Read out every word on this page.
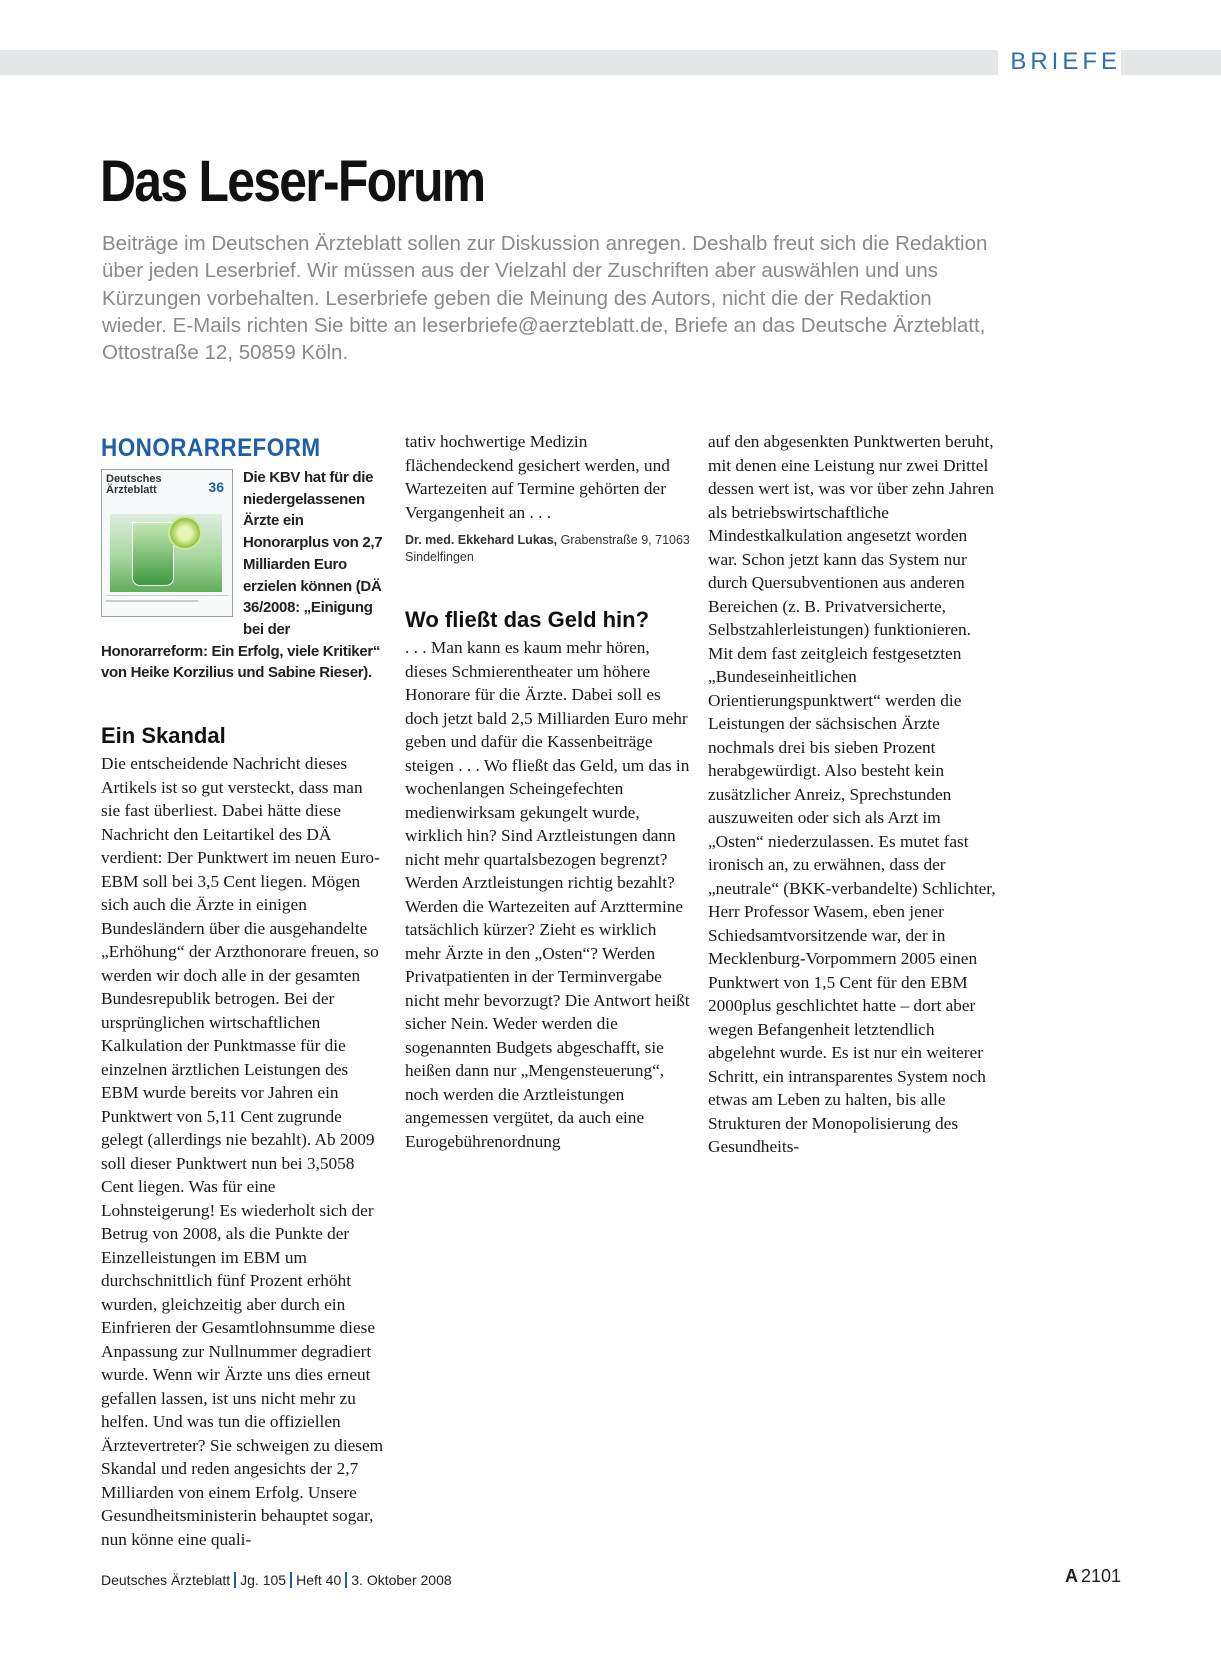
BRIEFE
Das Leser-Forum

Beiträge im Deutschen Ärzteblatt sollen zur Diskussion anregen. Deshalb freut sich die Redaktion über jeden Leserbrief. Wir müssen aus der Vielzahl der Zuschriften aber auswählen und uns Kürzungen vorbehalten. Leserbriefe geben die Meinung des Autors, nicht die der Redaktion wieder. E-Mails richten Sie bitte an leserbriefe@aerzteblatt.de, Briefe an das Deutsche Ärzteblatt, Ottostraße 12, 50859 Köln.

HONORARREFORM
Deutsches Ärzteblatt	36
Die KBV hat für die niedergelassenen Ärzte ein Honorarplus von 2,7 Milliarden Euro erzielen können (DÄ 36/2008: „Einigung bei der Honorarreform: Ein Erfolg, viele Kritiker“ von Heike Korzilius und Sabine Rieser).
Ein Skandal

Die entscheidende Nachricht dieses Artikels ist so gut versteckt, dass man sie fast überliest. Dabei hätte diese Nachricht den Leitartikel des DÄ verdient: Der Punktwert im neuen Euro-EBM soll bei 3,5 Cent liegen. Mögen sich auch die Ärzte in einigen Bundesländern über die ausgehandelte „Erhöhung“ der Arzthonorare freuen, so werden wir doch alle in der gesamten Bundesrepublik betrogen. Bei der ursprünglichen wirtschaftlichen Kalkulation der Punktmasse für die einzelnen ärztlichen Leistungen des EBM wurde bereits vor Jahren ein Punktwert von 5,11 Cent zugrunde gelegt (allerdings nie bezahlt). Ab 2009 soll dieser Punktwert nun bei 3,5058 Cent liegen. Was für eine Lohnsteigerung! Es wiederholt sich der Betrug von 2008, als die Punkte der Einzelleistungen im EBM um durchschnittlich fünf Prozent erhöht wurden, gleichzeitig aber durch ein Einfrieren der Gesamtlohnsumme diese Anpassung zur Nullnummer degradiert wurde. Wenn wir Ärzte uns dies erneut gefallen lassen, ist uns nicht mehr zu helfen. Und was tun die offiziellen Ärztevertreter? Sie schweigen zu diesem Skandal und reden angesichts der 2,7 Milliarden von einem Erfolg. Unsere Gesundheitsministerin behauptet sogar, nun könne eine quali-

tativ hochwertige Medizin flächendeckend gesichert werden, und Wartezeiten auf Termine gehörten der Vergangenheit an . . .

Dr. med. Ekkehard Lukas, Grabenstraße 9, 71063 Sindelfingen

Wo fließt das Geld hin?

. . . Man kann es kaum mehr hören, dieses Schmierentheater um höhere Honorare für die Ärzte. Dabei soll es doch jetzt bald 2,5 Milliarden Euro mehr geben und dafür die Kassenbeiträge steigen . . . Wo fließt das Geld, um das in wochenlangen Scheingefechten medienwirksam gekungelt wurde, wirklich hin? Sind Arztleistungen dann nicht mehr quartalsbezogen begrenzt? Werden Arztleistungen richtig bezahlt? Werden die Wartezeiten auf Arzttermine tatsächlich kürzer? Zieht es wirklich mehr Ärzte in den „Osten“? Werden Privatpatienten in der Terminvergabe nicht mehr bevorzugt? Die Antwort heißt sicher Nein. Weder werden die sogenannten Budgets abgeschafft, sie heißen dann nur „Mengensteuerung“, noch werden die Arztleistungen angemessen vergütet, da auch eine Eurogebührenordnung

auf den abgesenkten Punktwerten beruht, mit denen eine Leistung nur zwei Drittel dessen wert ist, was vor über zehn Jahren als betriebswirtschaftliche Mindestkalkulation angesetzt worden war. Schon jetzt kann das System nur durch Quersubventionen aus anderen Bereichen (z. B. Privatversicherte, Selbstzahlerleistungen) funktionieren. Mit dem fast zeitgleich festgesetzten „Bundeseinheitlichen Orientierungspunktwert“ werden die Leistungen der sächsischen Ärzte nochmals drei bis sieben Prozent herabgewürdigt. Also besteht kein zusätzlicher Anreiz, Sprechstunden auszuweiten oder sich als Arzt im „Osten“ niederzulassen. Es mutet fast ironisch an, zu erwähnen, dass der „neutrale“ (BKK-verbandelte) Schlichter, Herr Professor Wasem, eben jener Schiedsamtvorsitzende war, der in Mecklenburg-Vorpommern 2005 einen Punktwert von 1,5 Cent für den EBM 2000plus geschlichtet hatte – dort aber wegen Befangenheit letztendlich abgelehnt wurde. Es ist nur ein weiterer Schritt, ein intransparentes System noch etwas am Leben zu halten, bis alle Strukturen der Monopolisierung des Gesundheits-

Deutsches Ärzteblatt Jg. 105 Heft 40 3. Oktober 2008	A 2101
